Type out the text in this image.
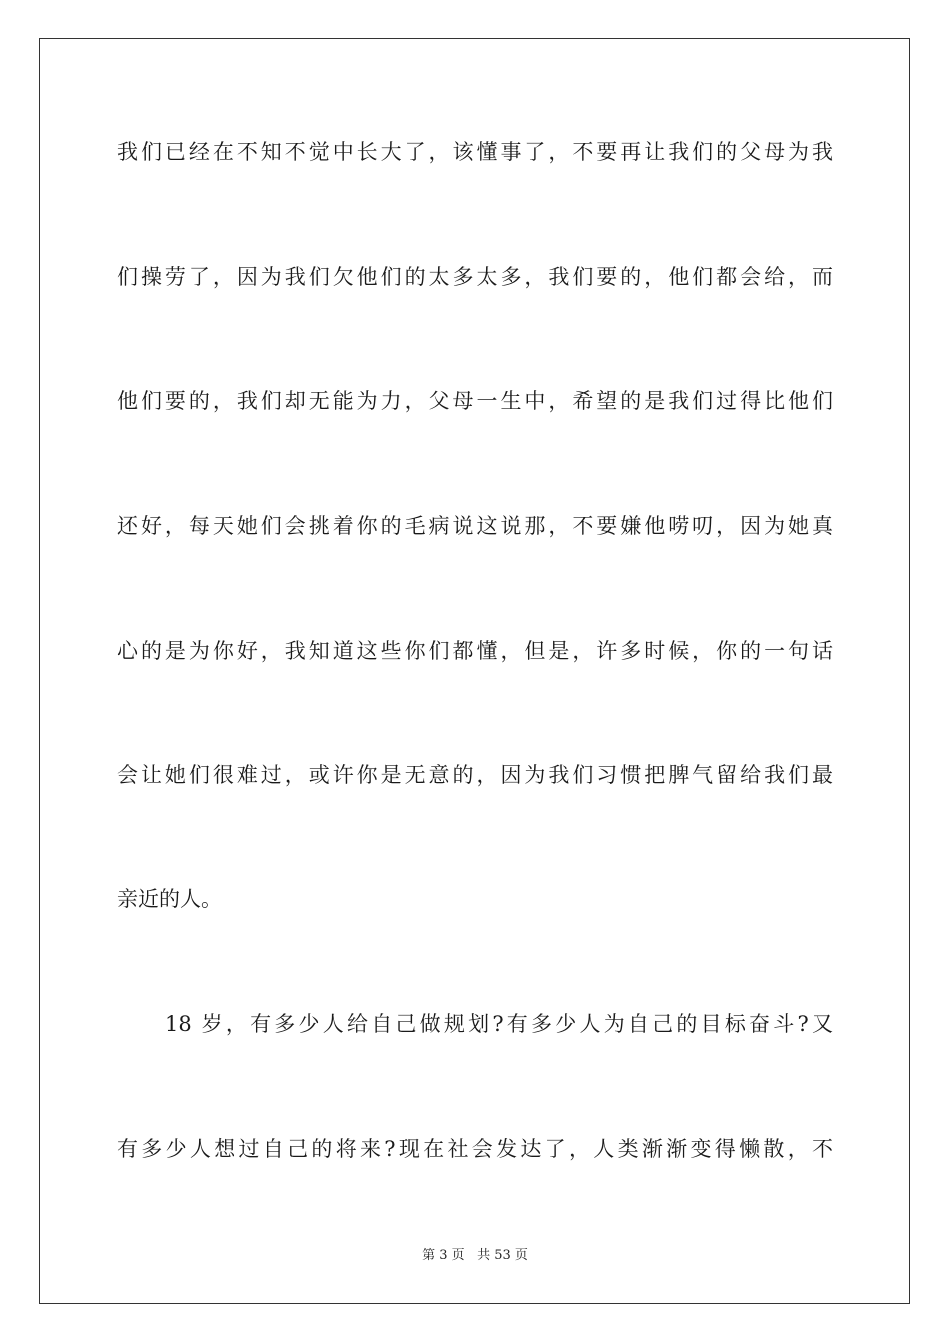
我们已经在不知不觉中长大了，该懂事了，不要再让我们的父母为我
们操劳了，因为我们欠他们的太多太多，我们要的，他们都会给，而
他们要的，我们却无能为力，父母一生中，希望的是我们过得比他们
还好，每天她们会挑着你的毛病说这说那，不要嫌他唠叨，因为她真
心的是为你好，我知道这些你们都懂，但是，许多时候，你的一句话
会让她们很难过，或许你是无意的，因为我们习惯把脾气留给我们最
亲近的人。
18 岁，有多少人给自己做规划?有多少人为自己的目标奋斗?又
有多少人想过自己的将来?现在社会发达了，人类渐渐变得懒散，不
第 3 页 共 53 页
